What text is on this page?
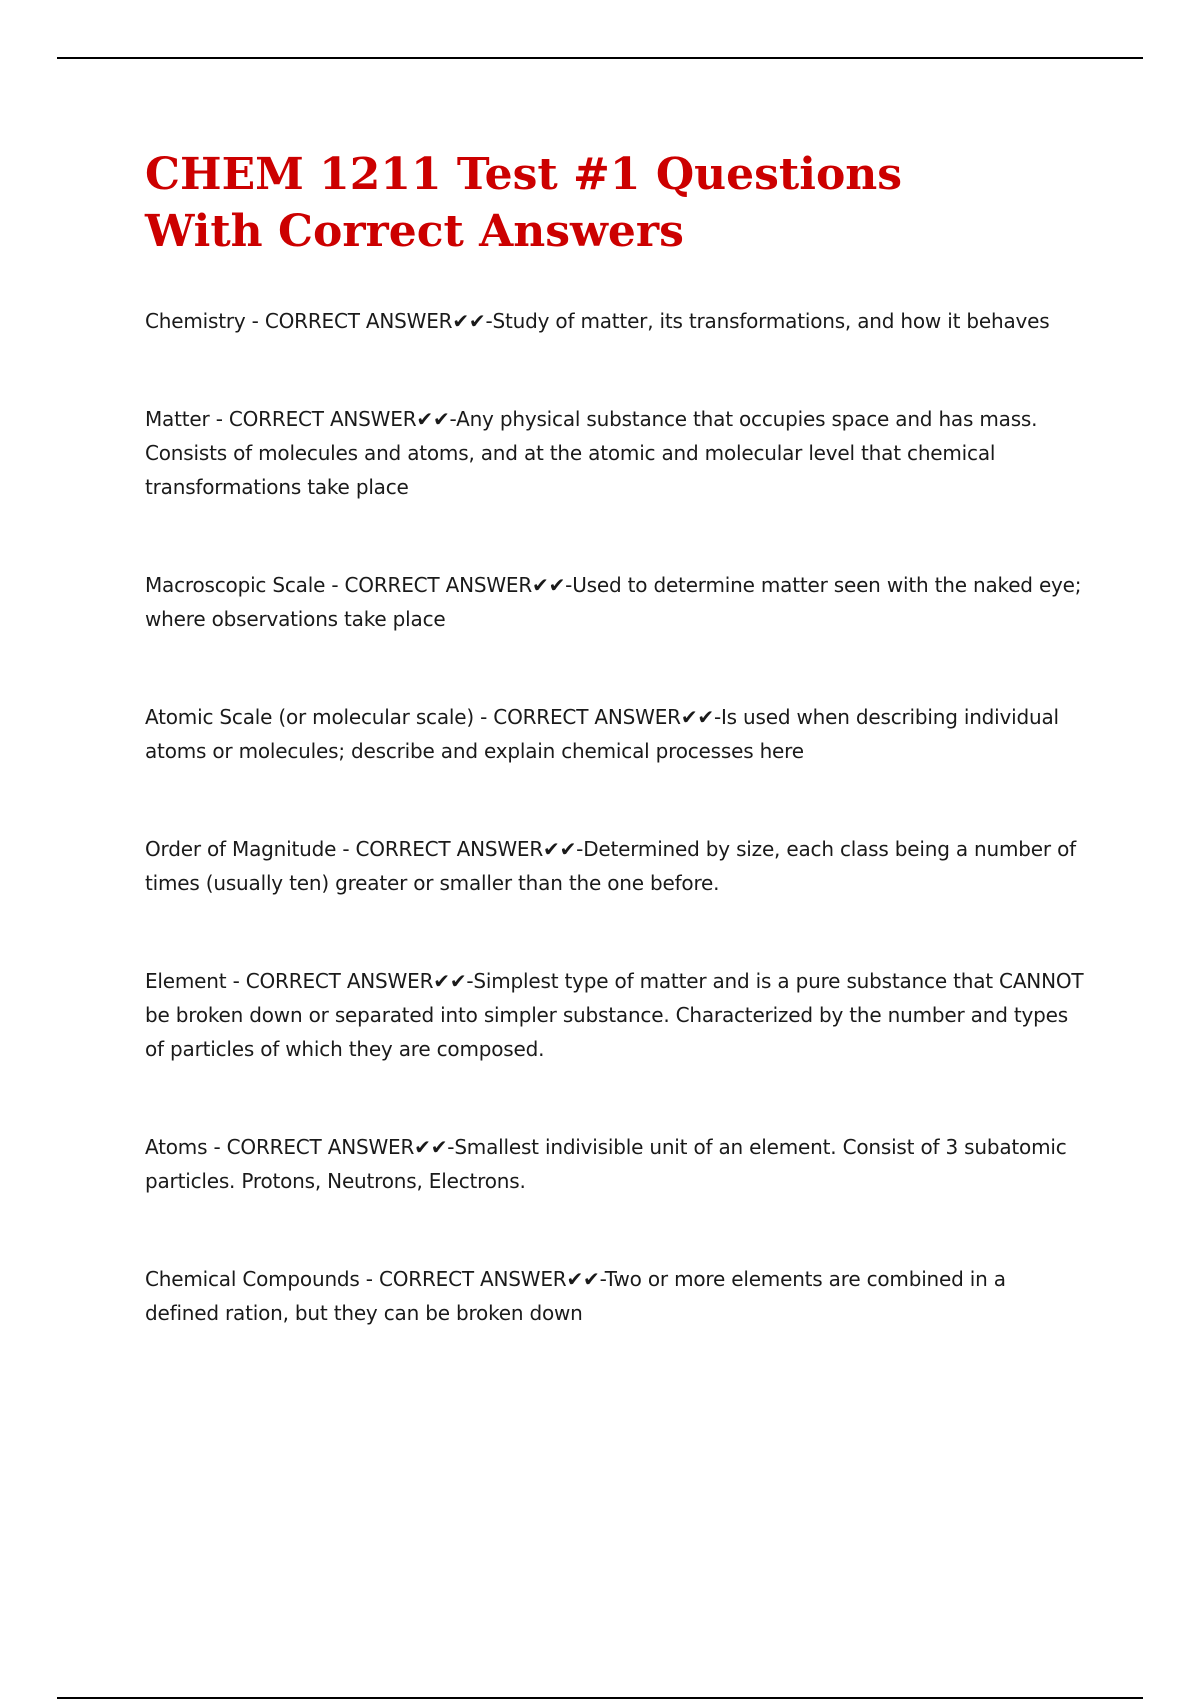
CHEM 1211 Test #1 Questions With Correct Answers

Chemistry - CORRECT ANSWER✔✔-Study of matter, its transformations, and how it behaves

Matter - CORRECT ANSWER✔✔-Any physical substance that occupies space and has mass. Consists of molecules and atoms, and at the atomic and molecular level that chemical transformations take place

Macroscopic Scale - CORRECT ANSWER✔✔-Used to determine matter seen with the naked eye; where observations take place

Atomic Scale (or molecular scale) - CORRECT ANSWER✔✔-Is used when describing individual atoms or molecules; describe and explain chemical processes here

Order of Magnitude - CORRECT ANSWER✔✔-Determined by size, each class being a number of times (usually ten) greater or smaller than the one before.

Element - CORRECT ANSWER✔✔-Simplest type of matter and is a pure substance that CANNOT be broken down or separated into simpler substance. Characterized by the number and types of particles of which they are composed.

Atoms - CORRECT ANSWER✔✔-Smallest indivisible unit of an element. Consist of 3 subatomic particles. Protons, Neutrons, Electrons.

Chemical Compounds - CORRECT ANSWER✔✔-Two or more elements are combined in a defined ration, but they can be broken down
